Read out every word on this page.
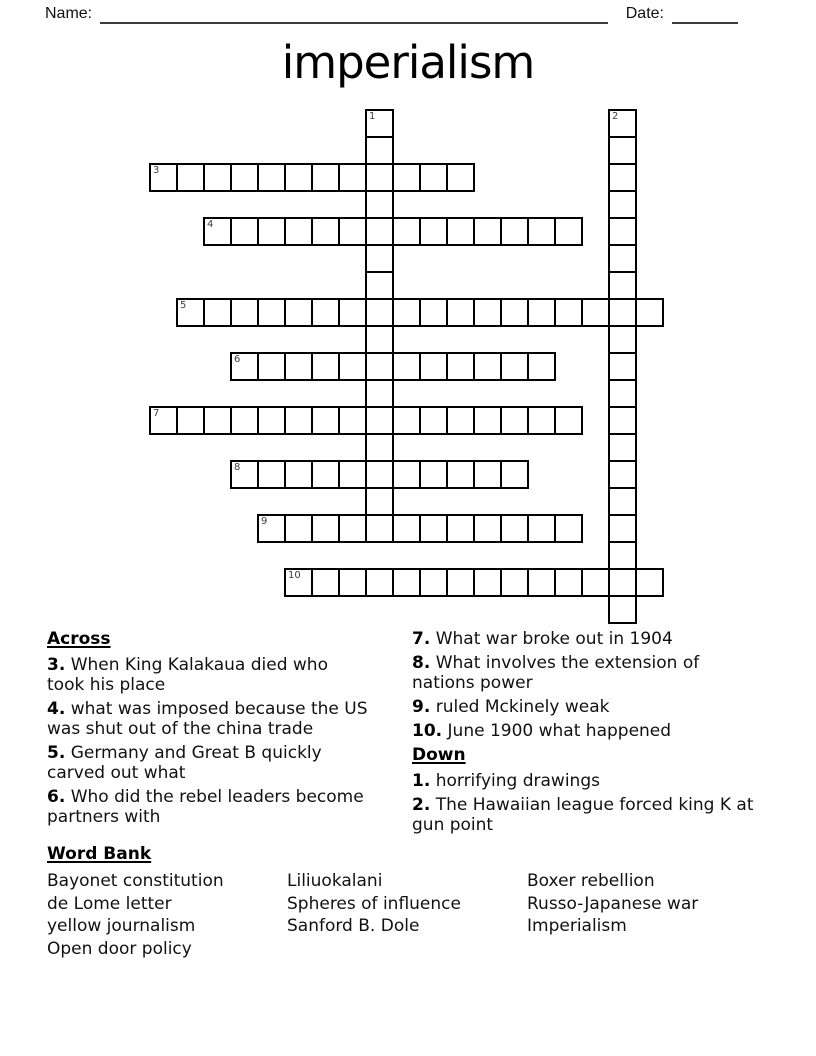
Name:	Date:
imperialism
1	2
3
4
5
6
7
8
9
10
Across

3. When King Kalakaua died who took his place

4. what was imposed because the US was shut out of the china trade

5. Germany and Great B quickly carved out what

6. Who did the rebel leaders become partners with

7. What war broke out in 1904

8. What involves the extension of nations power

9. ruled Mckinely weak

10. June 1900 what happened

Down

1. horrifying drawings

2. The Hawaiian league forced king K at gun point

Word Bank
Bayonet constitution
de Lome letter
yellow journalism
Open door policy
Liliuokalani
Spheres of influence
Sanford B. Dole
Boxer rebellion
Russo-Japanese war
Imperialism
